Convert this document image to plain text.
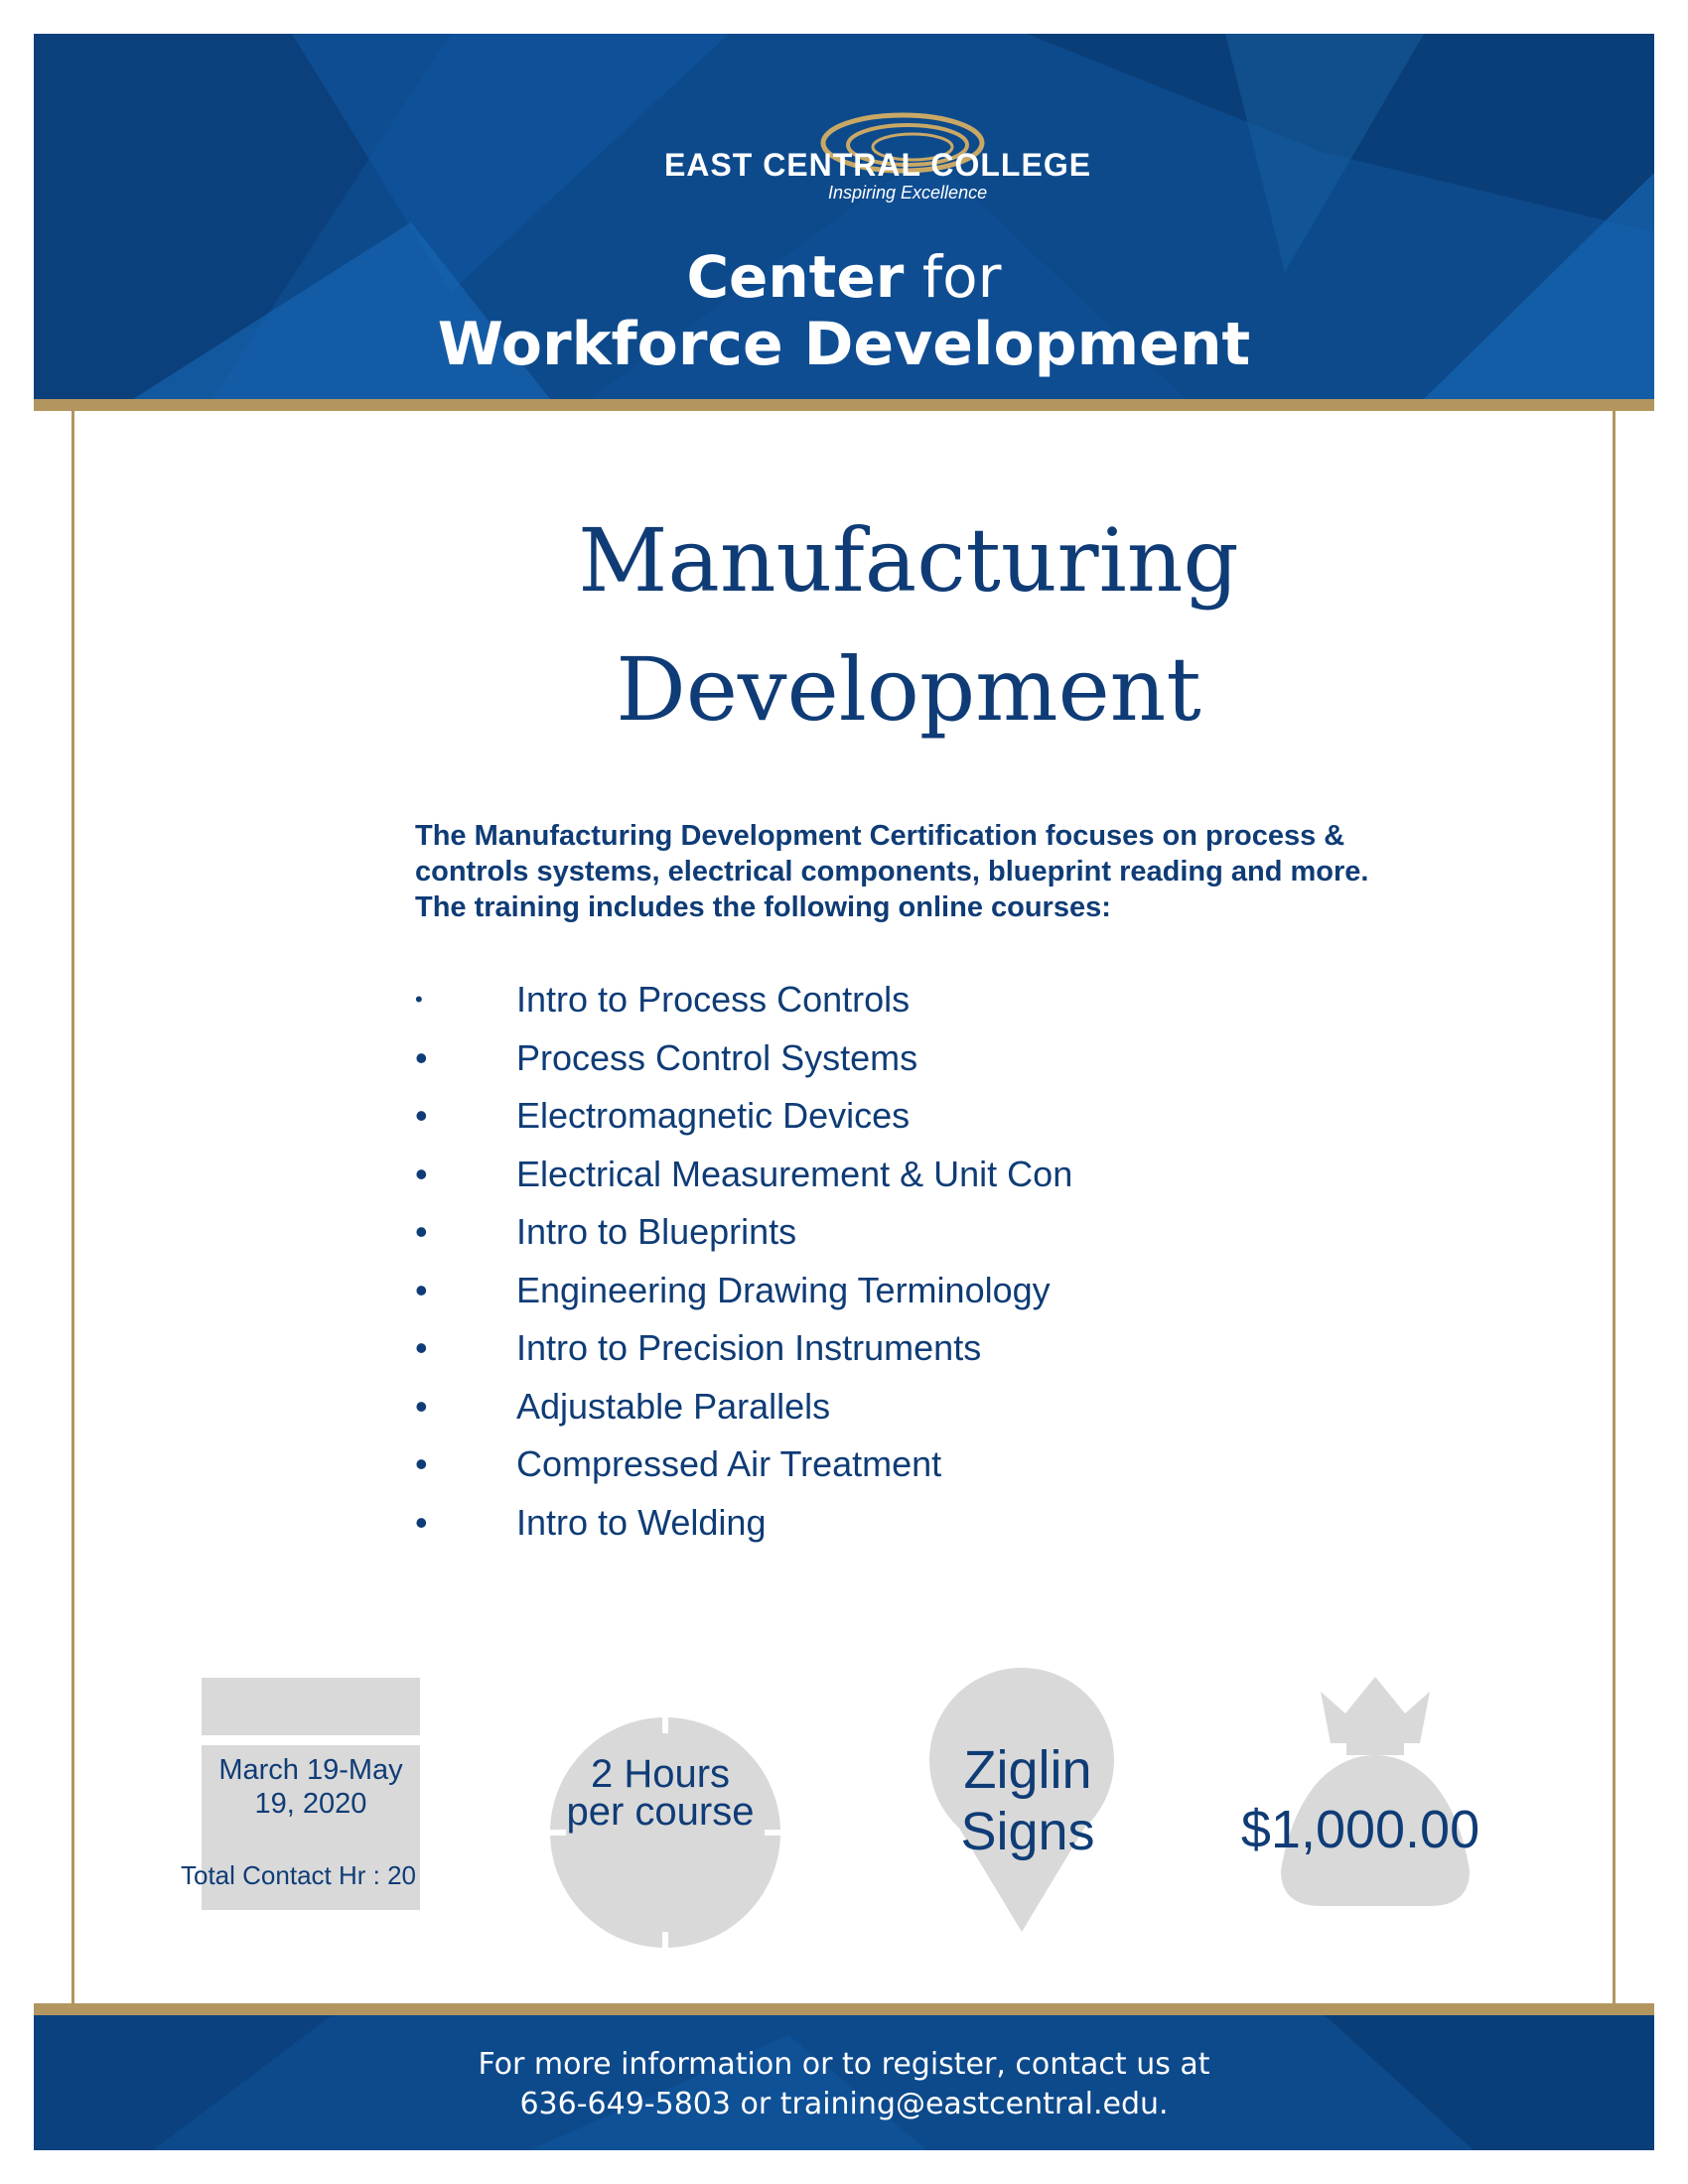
EAST CENTRAL COLLEGE
Inspiring Excellence
Center for
Workforce Development
Manufacturing
Development
The Manufacturing Development Certification focuses on process & controls systems, electrical components, blueprint reading and more. The training includes the following online courses:
•	Intro to Process Controls
• Process Control Systems
• Electromagnetic Devices
• Electrical Measurement & Unit Con
• Intro to Blueprints
• Engineering Drawing Terminology
• Intro to Precision Instruments
• Adjustable Parallels
• Compressed Air Treatment
• Intro to Welding
March 19-May 19, 2020
Total Contact Hr : 20
2 Hours
per course
Ziglin
Signs	$1,000.00
For more information or to register, contact us at
636-649-5803 or training@eastcentral.edu.
